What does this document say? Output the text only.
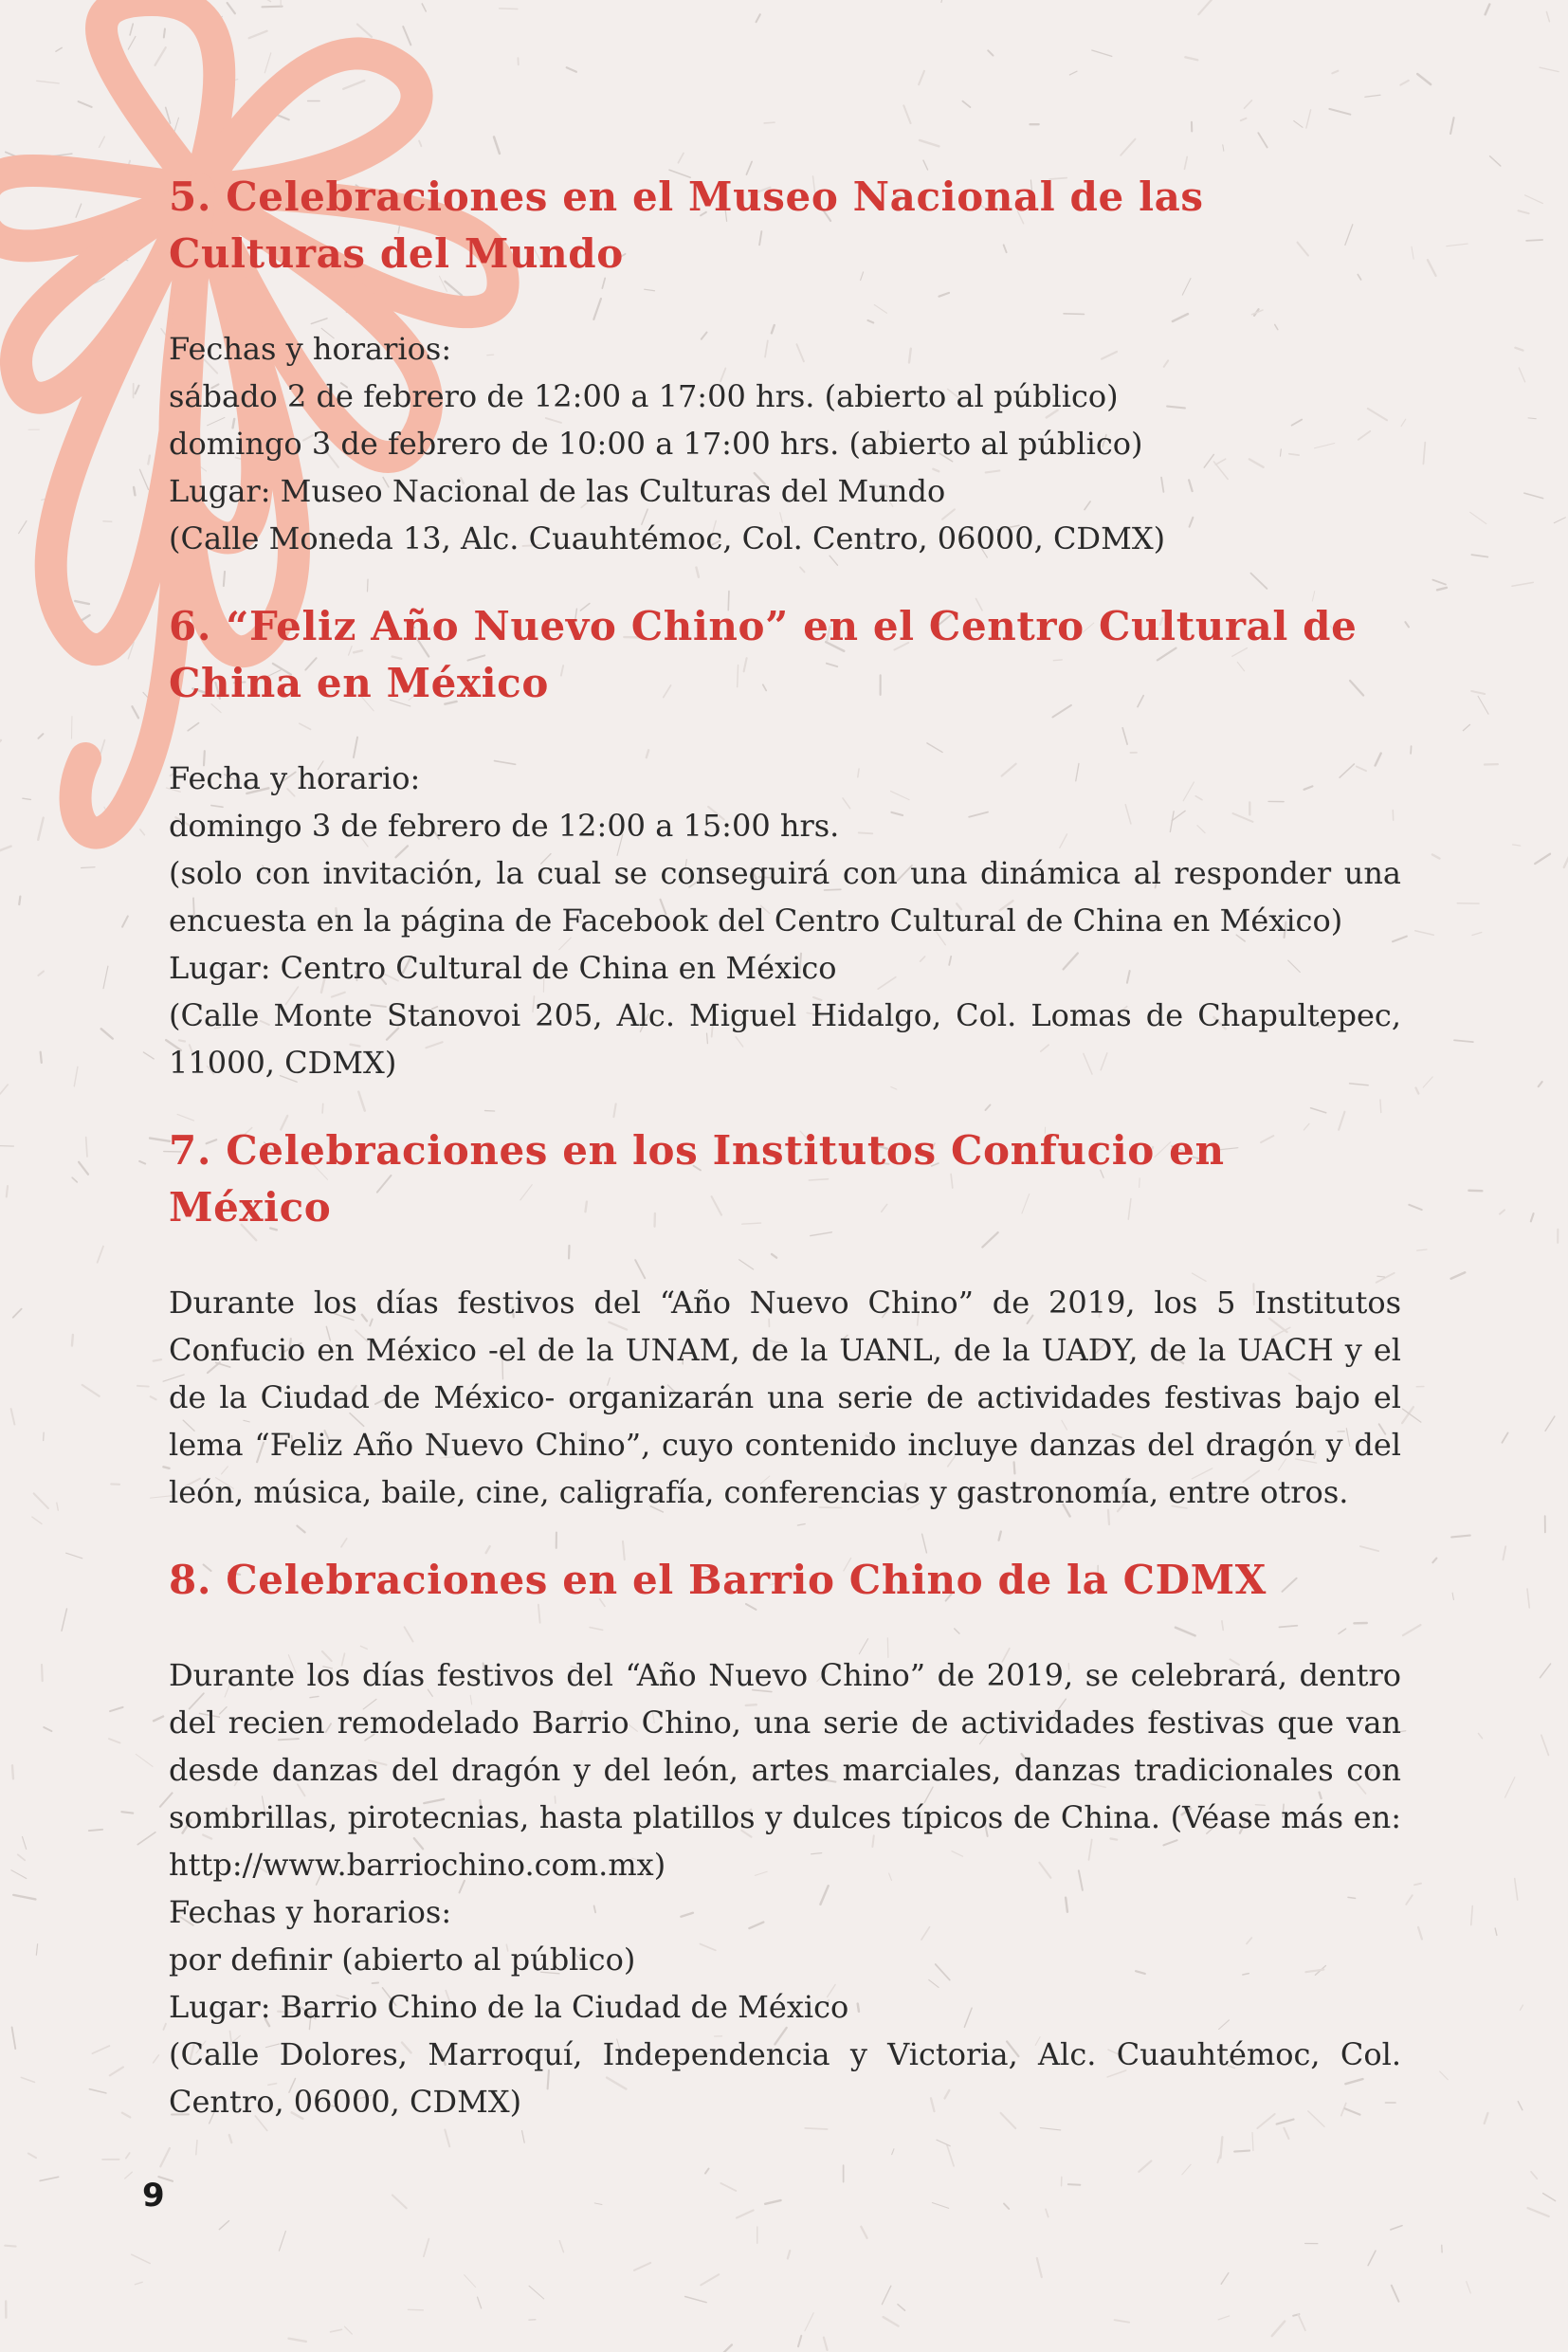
5. Celebraciones en el Museo Nacional de las Culturas del Mundo

Fechas y horarios:

sábado 2 de febrero de 12:00 a 17:00 hrs. (abierto al público)

domingo 3 de febrero de 10:00 a 17:00 hrs. (abierto al público)

Lugar: Museo Nacional de las Culturas del Mundo

(Calle Moneda 13, Alc. Cuauhtémoc, Col. Centro, 06000, CDMX)

6. “Feliz Año Nuevo Chino” en el Centro Cultural de China en México

Fecha y horario:

domingo 3 de febrero de 12:00 a 15:00 hrs.

(solo con invitación, la cual se conseguirá con una dinámica al responder una encuesta en la página de Facebook del Centro Cultural de China en México)

Lugar: Centro Cultural de China en México

(Calle Monte Stanovoi 205, Alc. Miguel Hidalgo, Col. Lomas de Chapultepec, 11000, CDMX)

7. Celebraciones en los Institutos Confucio en México

Durante los días festivos del “Año Nuevo Chino” de 2019, los 5 Institutos Confucio en México -el de la UNAM, de la UANL, de la UADY, de la UACH y el de la Ciudad de México- organizarán una serie de actividades festivas bajo el lema “Feliz Año Nuevo Chino”, cuyo contenido incluye danzas del dragón y del león, música, baile, cine, caligrafía, conferencias y gastronomía, entre otros.

8. Celebraciones en el Barrio Chino de la CDMX

Durante los días festivos del “Año Nuevo Chino” de 2019, se celebrará, dentro del recien remodelado Barrio Chino, una serie de actividades festivas que van desde danzas del dragón y del león, artes marciales, danzas tradicionales con sombrillas, pirotecnias, hasta platillos y dulces típicos de China. (Véase más en: http://www.barriochino.com.mx)

Fechas y horarios:

por definir (abierto al público)

Lugar: Barrio Chino de la Ciudad de México

(Calle Dolores, Marroquí, Independencia y Victoria, Alc. Cuauhtémoc, Col. Centro, 06000, CDMX)

9
